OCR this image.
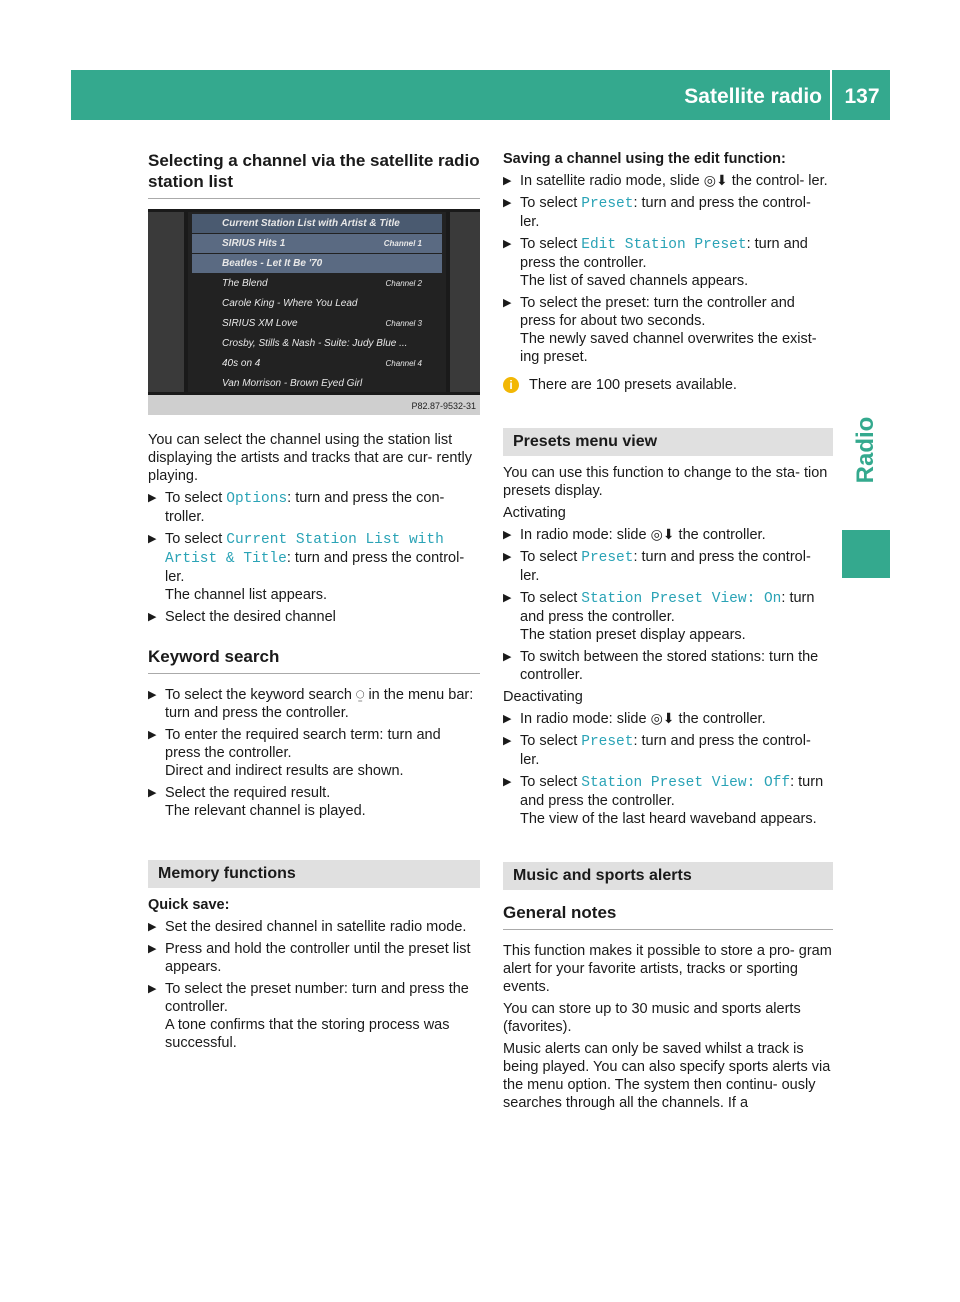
Satellite radio	137
Radio
Selecting a channel via the satellite radio station list
Current Station List with Artist & Title
SIRIUS Hits 1	Channel 1
Beatles - Let It Be '70
The Blend	Channel 2
Carole King - Where You Lead
SIRIUS XM Love	Channel 3
Crosby, Stills & Nash - Suite: Judy Blue ...
40s on 4	Channel 4
Van Morrison - Brown Eyed Girl
P82.87-9532-31

You can select the channel using the station list displaying the artists and tracks that are cur- rently playing.

▶ To select Options: turn and press the con- troller.
▶ To select Current Station List with Artist & Title: turn and press the control- ler.
The channel list appears.
▶ Select the desired channel
Keyword search
▶ To select the keyword search ⍜ in the menu bar: turn and press the controller.
▶ To enter the required search term: turn and press the controller.
Direct and indirect results are shown.
▶ Select the required result.
The relevant channel is played.
Memory functions

Quick save:

▶ Set the desired channel in satellite radio mode.
▶ Press and hold the controller until the preset list appears.
▶ To select the preset number: turn and press the controller.
A tone confirms that the storing process was successful.

Saving a channel using the edit function:

▶ In satellite radio mode, slide ◎⬇ the control- ler.
▶ To select Preset: turn and press the control- ler.
▶ To select Edit Station Preset: turn and press the controller.
The list of saved channels appears.
▶ To select the preset: turn the controller and press for about two seconds.
The newly saved channel overwrites the exist- ing preset.
i	There are 100 presets available.
Presets menu view

You can use this function to change to the sta- tion presets display.

Activating

▶ In radio mode: slide ◎⬇ the controller.
▶ To select Preset: turn and press the control- ler.
▶ To select Station Preset View: On: turn and press the controller.
The station preset display appears.
▶ To switch between the stored stations: turn the controller.

Deactivating

▶ In radio mode: slide ◎⬇ the controller.
▶ To select Preset: turn and press the control- ler.
▶ To select Station Preset View: Off: turn and press the controller.
The view of the last heard waveband appears.
Music and sports alerts
General notes

This function makes it possible to store a pro- gram alert for your favorite artists, tracks or sporting events.

You can store up to 30 music and sports alerts (favorites).

Music alerts can only be saved whilst a track is being played. You can also specify sports alerts via the menu option. The system then continu- ously searches through all the channels. If a
